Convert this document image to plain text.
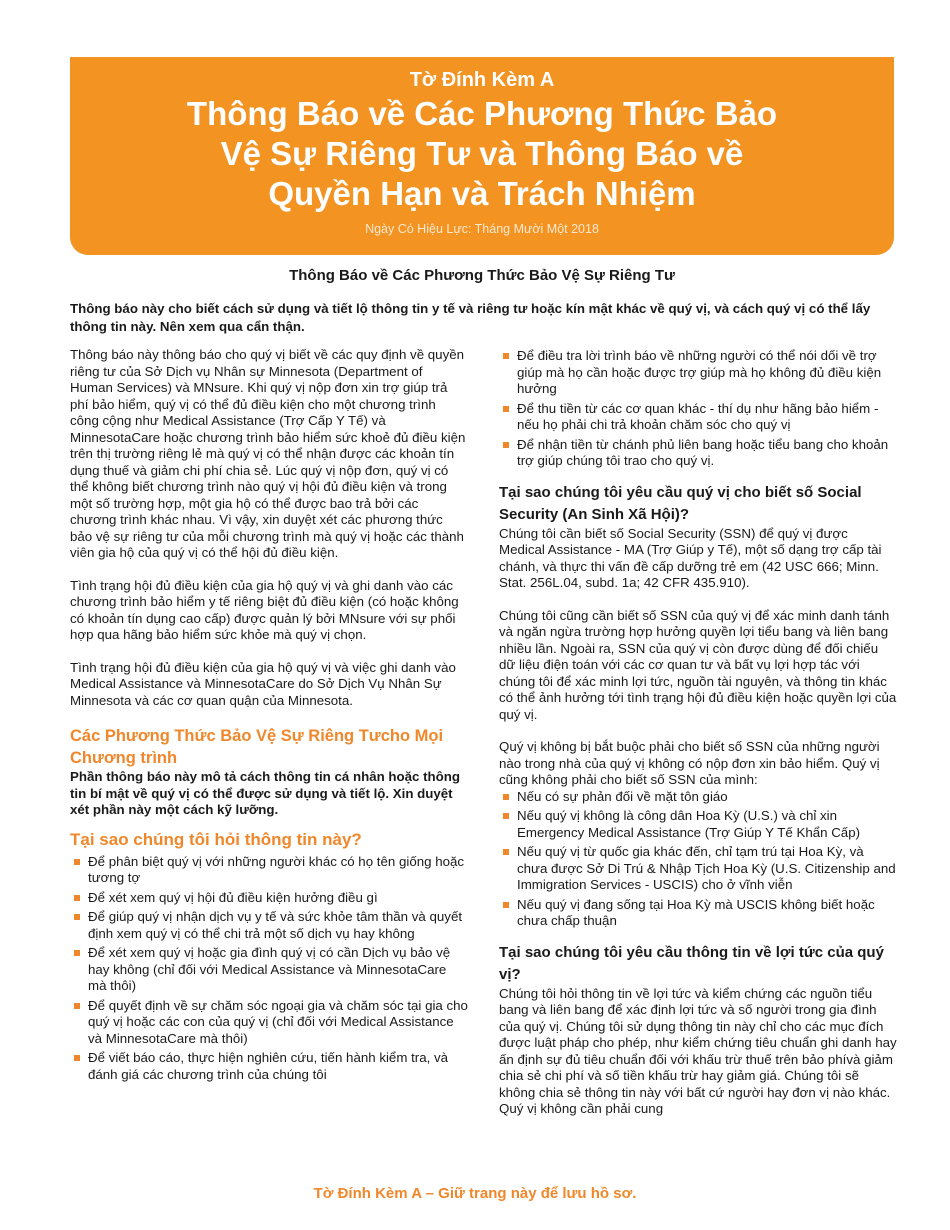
Tờ Đính Kèm A
Thông Báo về Các Phương Thức Bảo
Vệ Sự Riêng Tư và Thông Báo về
Quyền Hạn và Trách Nhiệm
Ngày Có Hiệu Lực: Tháng Mười Một 2018
Thông Báo về Các Phương Thức Bảo Vệ Sự Riêng Tư
Thông báo này cho biết cách sử dụng và tiết lộ thông tin y tế và riêng tư hoặc kín mật khác về quý vị, và cách quý vị có thể lấy thông tin này. Nên xem qua cẩn thận.

Thông báo này thông báo cho quý vị biết về các quy định về quyền riêng tư của Sở Dịch vụ Nhân sự Minnesota (Department of Human Services) và MNsure. Khi quý vị nộp đơn xin trợ giúp trả phí bảo hiểm, quý vị có thể đủ điều kiện cho một chương trình công cộng như Medical Assistance (Trợ Cấp Y Tế) và MinnesotaCare hoặc chương trình bảo hiểm sức khoẻ đủ điều kiện trên thị trường riêng lẻ mà quý vị có thể nhận được các khoản tín dụng thuế và giảm chi phí chia sẻ. Lúc quý vị nộp đơn, quý vị có thể không biết chương trình nào quý vị hội đủ điều kiện và trong một số trường hợp, một gia hộ có thể được bao trả bởi các chương trình khác nhau. Vì vậy, xin duyệt xét các phương thức bảo vệ sự riêng tư của mỗi chương trình mà quý vị hoặc các thành viên gia hộ của quý vị có thể hội đủ điều kiện.

Tình trạng hội đủ điều kiện của gia hộ quý vị và ghi danh vào các chương trình bảo hiểm y tế riêng biệt đủ điều kiện (có hoặc không có khoản tín dụng cao cấp) được quản lý bởi MNsure với sự phối hợp qua hãng bảo hiểm sức khỏe mà quý vị chọn.

Tình trạng hội đủ điều kiện của gia hộ quý vị và việc ghi danh vào Medical Assistance và MinnesotaCare do Sở Dịch Vụ Nhân Sự Minnesota và các cơ quan quận của Minnesota.

Các Phương Thức Bảo Vệ Sự Riêng Tưcho Mọi Chương trình
Phần thông báo này mô tả cách thông tin cá nhân hoặc thông tin bí mật về quý vị có thể được sử dụng và tiết lộ. Xin duyệt xét phần này một cách kỹ lưỡng.
Tại sao chúng tôi hỏi thông tin này?
Để phân biệt quý vị với những người khác có họ tên giống hoặc tương tợ
Để xét xem quý vị hội đủ điều kiện hưởng điều gì
Để giúp quý vị nhận dịch vụ y tế và sức khỏe tâm thần và quyết định xem quý vị có thể chi trả một số dịch vụ hay không
Để xét xem quý vị hoặc gia đình quý vị có cần Dịch vụ bảo vệ hay không (chỉ đối với Medical Assistance và MinnesotaCare mà thôi)
Để quyết định về sự chăm sóc ngoại gia và chăm sóc tại gia cho quý vị hoặc các con của quý vị (chỉ đối với Medical Assistance và MinnesotaCare mà thôi)
Để viết báo cáo, thực hiện nghiên cứu, tiến hành kiểm tra, và đánh giá các chương trình của chúng tôi
Để điều tra lời trình báo về những người có thể nói dối về trợ giúp mà họ cần hoặc được trợ giúp mà họ không đủ điều kiện hưởng
Để thu tiền từ các cơ quan khác - thí dụ như hãng bảo hiểm - nếu họ phải chi trả khoản chăm sóc cho quý vị
Để nhận tiền từ chánh phủ liên bang hoặc tiểu bang cho khoản trợ giúp chúng tôi trao cho quý vị.
Tại sao chúng tôi yêu cầu quý vị cho biết số Social Security (An Sinh Xã Hội)?

Chúng tôi cần biết số Social Security (SSN) để quý vị được Medical Assistance - MA (Trợ Giúp y Tế), một số dạng trợ cấp tài chánh, và thực thi vấn đề cấp dưỡng trẻ em (42 USC 666; Minn. Stat. 256L.04, subd. 1a; 42 CFR 435.910).

Chúng tôi cũng cần biết số SSN của quý vị để xác minh danh tánh và ngăn ngừa trường hợp hưởng quyền lợi tiểu bang và liên bang nhiều lần. Ngoài ra, SSN của quý vị còn được dùng để đối chiếu dữ liệu điện toán với các cơ quan tư và bất vụ lợi hợp tác với chúng tôi để xác minh lợi tức, nguồn tài nguyên, và thông tin khác có thể ảnh hưởng tới tình trạng hội đủ điều kiện hoặc quyền lợi của quý vị.

Quý vị không bị bắt buộc phải cho biết số SSN của những người nào trong nhà của quý vị không có nộp đơn xin bảo hiểm. Quý vị cũng không phải cho biết số SSN của mình:

Nếu có sự phản đối về mặt tôn giáo
Nếu quý vị không là công dân Hoa Kỳ (U.S.) và chỉ xin Emergency Medical Assistance (Trợ Giúp Y Tế Khẩn Cấp)
Nếu quý vị từ quốc gia khác đến, chỉ tạm trú tại Hoa Kỳ, và chưa được Sở Di Trú & Nhập Tịch Hoa Kỳ (U.S. Citizenship and Immigration Services - USCIS) cho ở vĩnh viễn
Nếu quý vị đang sống tại Hoa Kỳ mà USCIS không biết hoặc chưa chấp thuận
Tại sao chúng tôi yêu cầu thông tin về lợi tức của quý vị?

Chúng tôi hỏi thông tin về lợi tức và kiểm chứng các nguồn tiểu bang và liên bang để xác định lợi tức và số người trong gia đình của quý vị. Chúng tôi sử dụng thông tin này chỉ cho các mục đích được luật pháp cho phép, như kiểm chứng tiêu chuẩn ghi danh hay ấn định sự đủ tiêu chuẩn đối với khấu trừ thuế trên bảo phívà giảm chia sẻ chi phí và số tiền khấu trừ hay giảm giá. Chúng tôi sẽ không chia sẻ thông tin này với bất cứ người hay đơn vị nào khác. Quý vị không cần phải cung

Tờ Đính Kèm A – Giữ trang này để lưu hồ sơ.
